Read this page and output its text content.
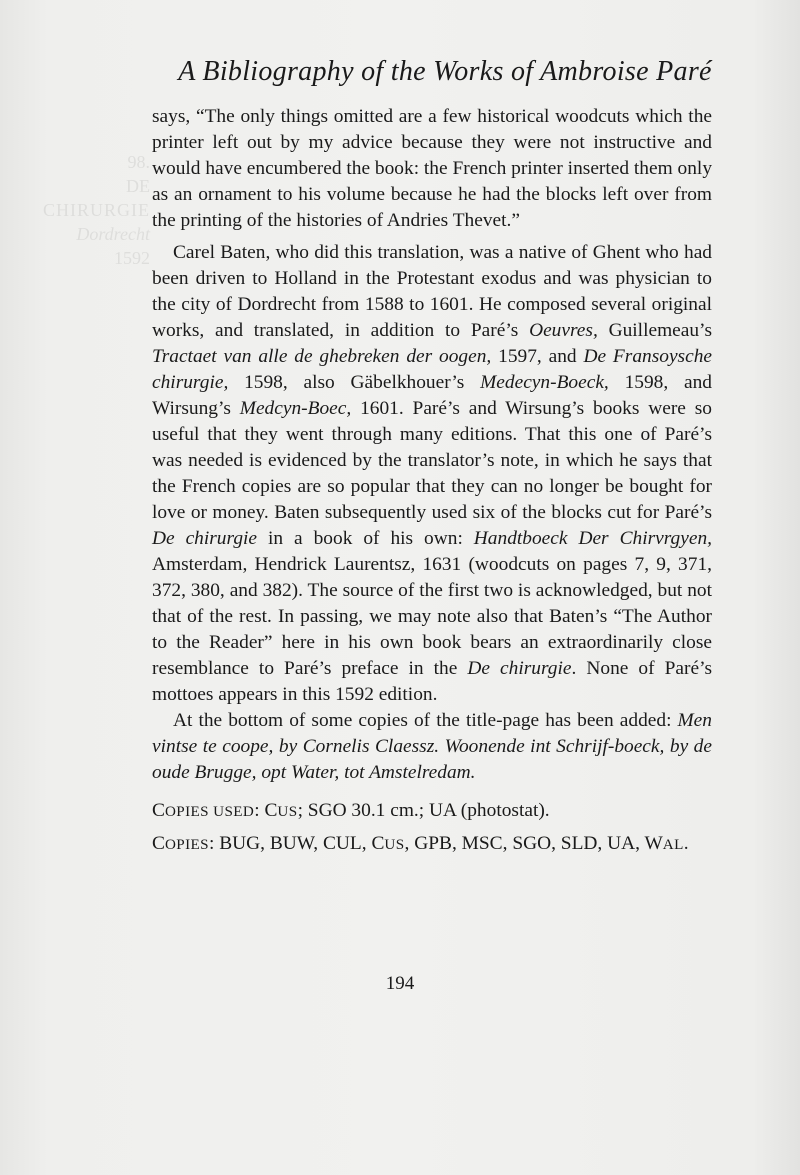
98.
DE
CHIRURGIE
Dordrecht
1592
A Bibliography of the Works of Ambroise Paré

says, “The only things omitted are a few historical woodcuts which the printer left out by my advice because they were not instructive and would have encumbered the book: the French printer inserted them only as an ornament to his volume because he had the blocks left over from the printing of the histories of Andries Thevet.”

Carel Baten, who did this translation, was a native of Ghent who had been driven to Holland in the Protestant exodus and was physician to the city of Dordrecht from 1588 to 1601. He composed several original works, and translated, in addition to Paré’s Oeuvres, Guillemeau’s Tractaet van alle de ghebreken der oogen, 1597, and De Fransoysche chirurgie, 1598, also Gäbelkhouer’s Medecyn-Boeck, 1598, and Wirsung’s Medcyn-Boec, 1601. Paré’s and Wirsung’s books were so useful that they went through many editions. That this one of Paré’s was needed is evidenced by the translator’s note, in which he says that the French copies are so popular that they can no longer be bought for love or money. Baten subsequently used six of the blocks cut for Paré’s De chirurgie in a book of his own: Handtboeck Der Chirvrgyen, Amsterdam, Hendrick Laurentsz, 1631 (woodcuts on pages 7, 9, 371, 372, 380, and 382). The source of the first two is acknowledged, but not that of the rest. In passing, we may note also that Baten’s “The Author to the Reader” here in his own book bears an extraordinarily close resemblance to Paré’s preface in the De chirurgie. None of Paré’s mottoes appears in this 1592 edition.

At the bottom of some copies of the title-page has been added: Men vintse te coope, by Cornelis Claessz. Woonende int Schrijf-boeck, by de oude Brugge, opt Water, tot Amstelredam.

COPIES USED: CUS; SGO 30.1 cm.; UA (photostat).

COPIES: BUG, BUW, CUL, CUS, GPB, MSC, SGO, SLD, UA, WAL.

194
